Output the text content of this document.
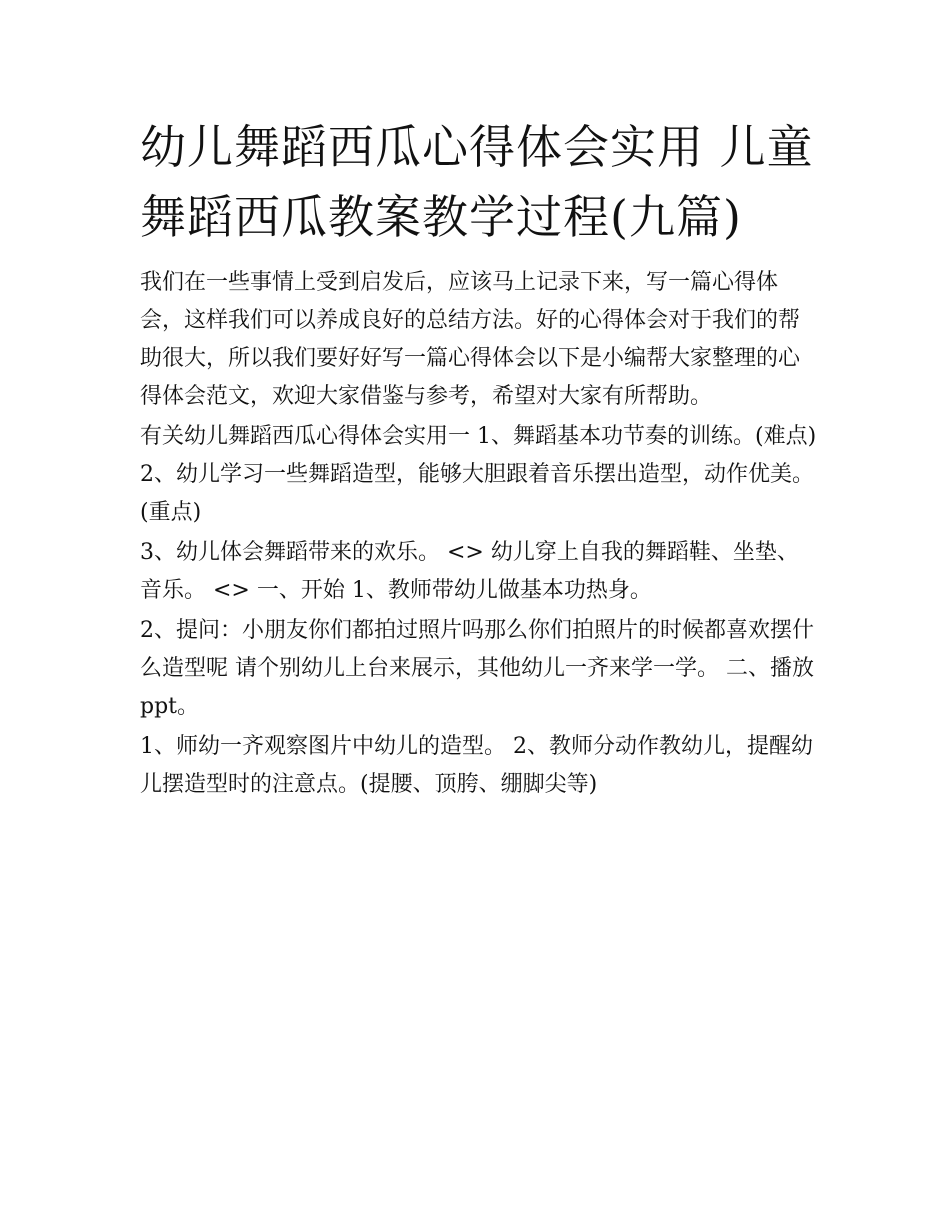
幼儿舞蹈西瓜心得体会实用 儿童舞蹈西瓜教案教学过程(九篇)

我们在一些事情上受到启发后，应该马上记录下来，写一篇心得体会，这样我们可以养成良好的总结方法。好的心得体会对于我们的帮助很大，所以我们要好好写一篇心得体会以下是小编帮大家整理的心得体会范文，欢迎大家借鉴与参考，希望对大家有所帮助。

有关幼儿舞蹈西瓜心得体会实用一 1、舞蹈基本功节奏的训练。(难点) 2、幼儿学习一些舞蹈造型，能够大胆跟着音乐摆出造型，动作优美。(重点)

3、幼儿体会舞蹈带来的欢乐。 <> 幼儿穿上自我的舞蹈鞋、坐垫、音乐。 <> 一、开始 1、教师带幼儿做基本功热身。

2、提问：小朋友你们都拍过照片吗那么你们拍照片的时候都喜欢摆什么造型呢 请个别幼儿上台来展示，其他幼儿一齐来学一学。 二、播放 ppt。

1、师幼一齐观察图片中幼儿的造型。 2、教师分动作教幼儿，提醒幼儿摆造型时的注意点。(提腰、顶胯、绷脚尖等)
